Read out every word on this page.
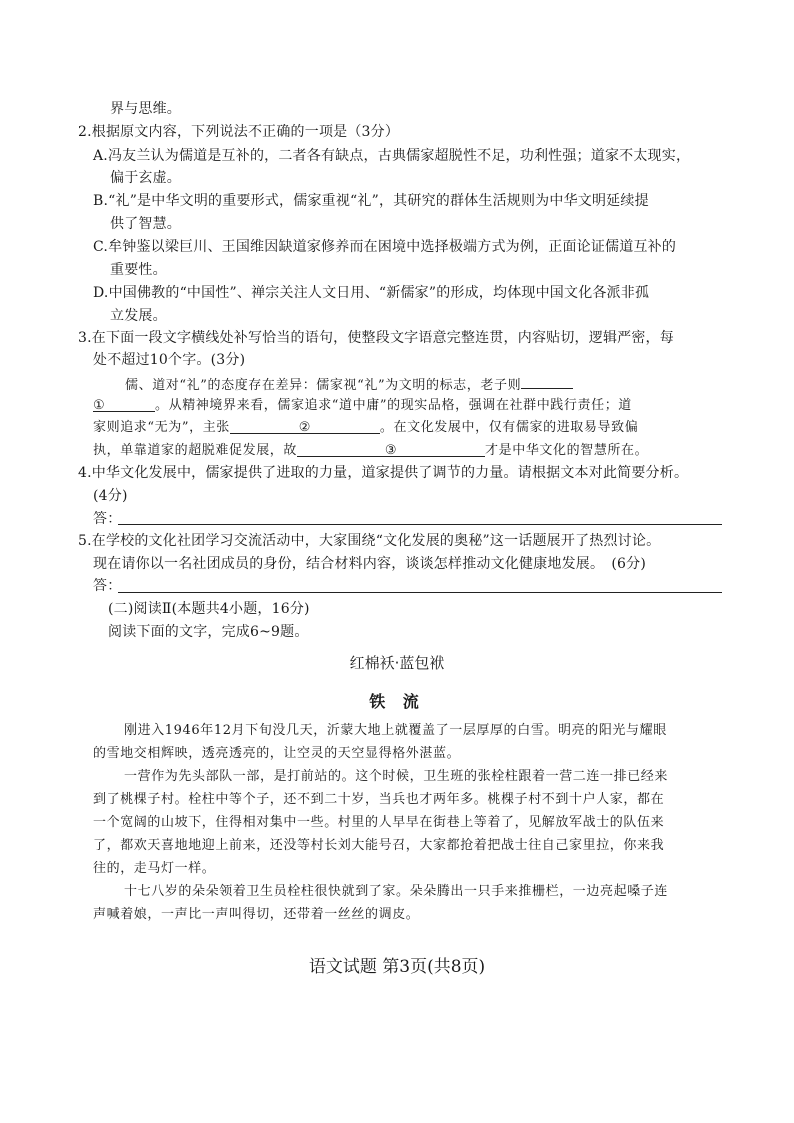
界与思维。
2.根据原文内容，下列说法不正确的一项是（3分）
A.冯友兰认为儒道是互补的，二者各有缺点，古典儒家超脱性不足，功利性强；道家不太现实，
偏于玄虚。
B.“礼”是中华文明的重要形式，儒家重视“礼”，其研究的群体生活规则为中华文明延续提
供了智慧。
C.牟钟鉴以梁巨川、王国维因缺道家修养而在困境中选择极端方式为例，正面论证儒道互补的
重要性。
D.中国佛教的“中国性”、禅宗关注人文日用、“新儒家”的形成，均体现中国文化各派非孤
立发展。
3.在下面一段文字横线处补写恰当的语句，使整段文字语意完整连贯，内容贴切，逻辑严密，每
处不超过10个字。(3分)
儒、道对“礼”的态度存在差异：儒家视“礼”为文明的标志，老子则
①	。从精神境界来看，儒家追求“道中庸”的现实品格，强调在社群中践行责任；道
家则追求“无为”，主张	②	。在文化发展中，仅有儒家的进取易导致偏
执，单靠道家的超脱难促发展，故	③	才是中华文化的智慧所在。
4.中华文化发展中，儒家提供了进取的力量，道家提供了调节的力量。请根据文本对此简要分析。
(4分)
答：
5.在学校的文化社团学习交流活动中，大家围绕“文化发展的奥秘”这一话题展开了热烈讨论。
现在请你以一名社团成员的身份，结合材料内容，谈谈怎样推动文化健康地发展。　(6分)
答：
(二)阅读Ⅱ(本题共4小题，16分)
阅读下面的文字，完成6~9题。
红棉袄·蓝包袱
铁 流
刚进入1946年12月下旬没几天，沂蒙大地上就覆盖了一层厚厚的白雪。明亮的阳光与耀眼
的雪地交相辉映，透亮透亮的，让空灵的天空显得格外湛蓝。
一营作为先头部队一部，是打前站的。这个时候，卫生班的张栓柱跟着一营二连一排已经来
到了桃棵子村。栓柱中等个子，还不到二十岁，当兵也才两年多。桃棵子村不到十户人家，都在
一个宽阔的山坡下，住得相对集中一些。村里的人早早在街巷上等着了，见解放军战士的队伍来
了，都欢天喜地地迎上前来，还没等村长刘大能号召，大家都抢着把战士往自己家里拉，你来我
往的，走马灯一样。
十七八岁的朵朵领着卫生员栓柱很快就到了家。朵朵腾出一只手来推栅栏，一边亮起嗓子连
声喊着娘，一声比一声叫得切，还带着一丝丝的调皮。
语文试题 第3页(共8页)
